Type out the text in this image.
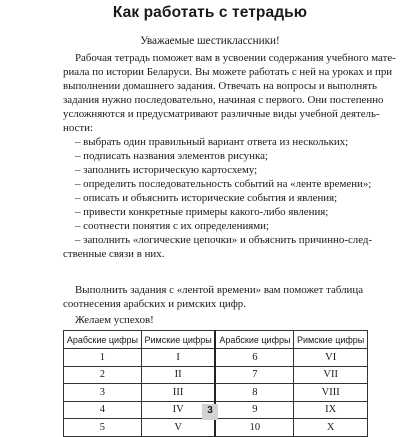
Как работать с тетрадью
Уважаемые шестиклассники!
Рабочая тетрадь поможет вам в усвоении содержания учебного мате-
риала по истории Беларуси. Вы можете работать с ней на уроках и при
выполнении домашнего задания. Отвечать на вопросы и выполнять
задания нужно последовательно, начиная с первого. Они постепенно
усложняются и предусматривают различные виды учебной деятель-
ности:
– выбрать один правильный вариант ответа из нескольких;
– подписать названия элементов рисунка;
– заполнить историческую картосхему;
– определить последовательность событий на «ленте времени»;
– описать и объяснить исторические события и явления;
– привести конкретные примеры какого-либо явления;
– соотнести понятия с их определениями;
– заполнить «логические цепочки» и объяснить причинно-след-
ственные связи в них.
Выполнить задания с «лентой времени» вам поможет таблица
соотнесения арабских и римских цифр.
Желаем успехов!
Арабские цифры	Римские цифры	Арабские цифры	Римские цифры
1	I	6	VI
2	II	7	VII
3	III	8	VIII
4	IV	9	IX
5	V	10	X
3
